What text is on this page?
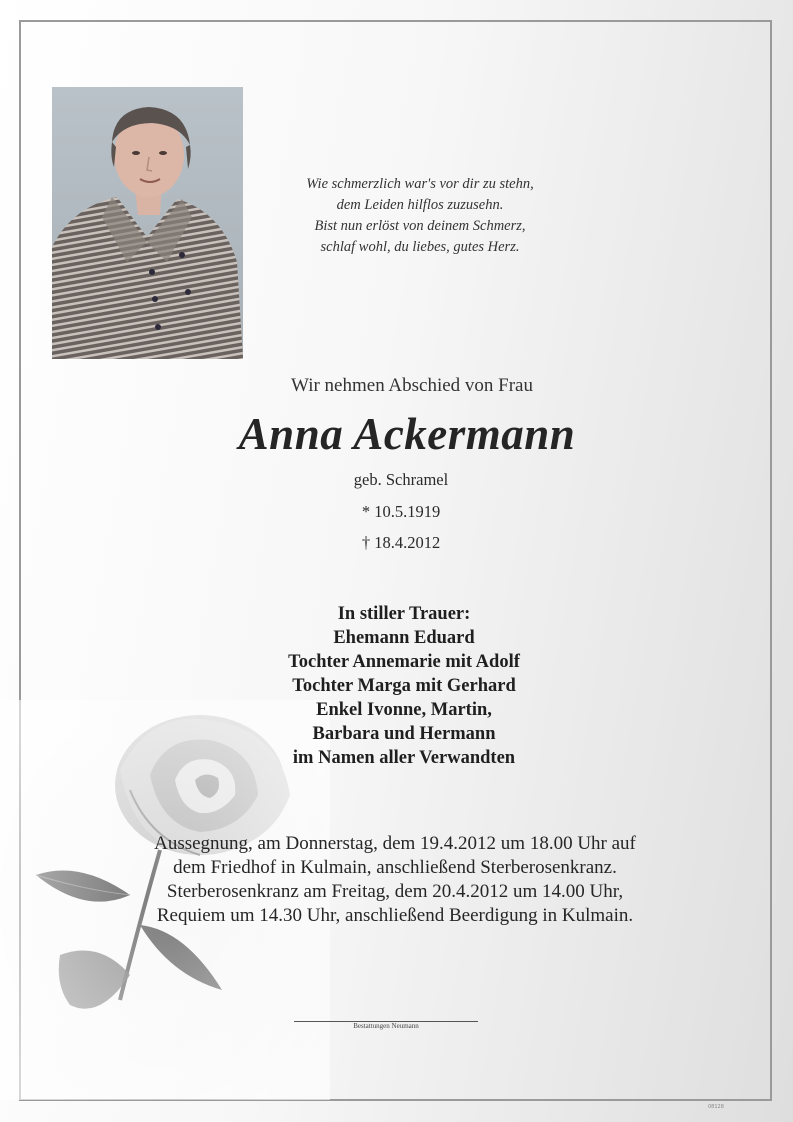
Wie schmerzlich war's vor dir zu stehn,
dem Leiden hilflos zuzusehn.
Bist nun erlöst von deinem Schmerz,
schlaf wohl, du liebes, gutes Herz.
Wir nehmen Abschied von Frau
Anna Ackermann
geb. Schramel
* 10.5.1919
† 18.4.2012
In stiller Trauer:
Ehemann Eduard
Tochter Annemarie mit Adolf
Tochter Marga mit Gerhard
Enkel Ivonne, Martin,
Barbara und Hermann
im Namen aller Verwandten
Aussegnung, am Donnerstag, dem 19.4.2012 um 18.00 Uhr auf
dem Friedhof in Kulmain, anschließend Sterberosenkranz.
Sterberosenkranz am Freitag, dem 20.4.2012 um 14.00 Uhr,
Requiem um 14.30 Uhr, anschließend Beerdigung in Kulmain.
Bestattungen Neumann
08128
